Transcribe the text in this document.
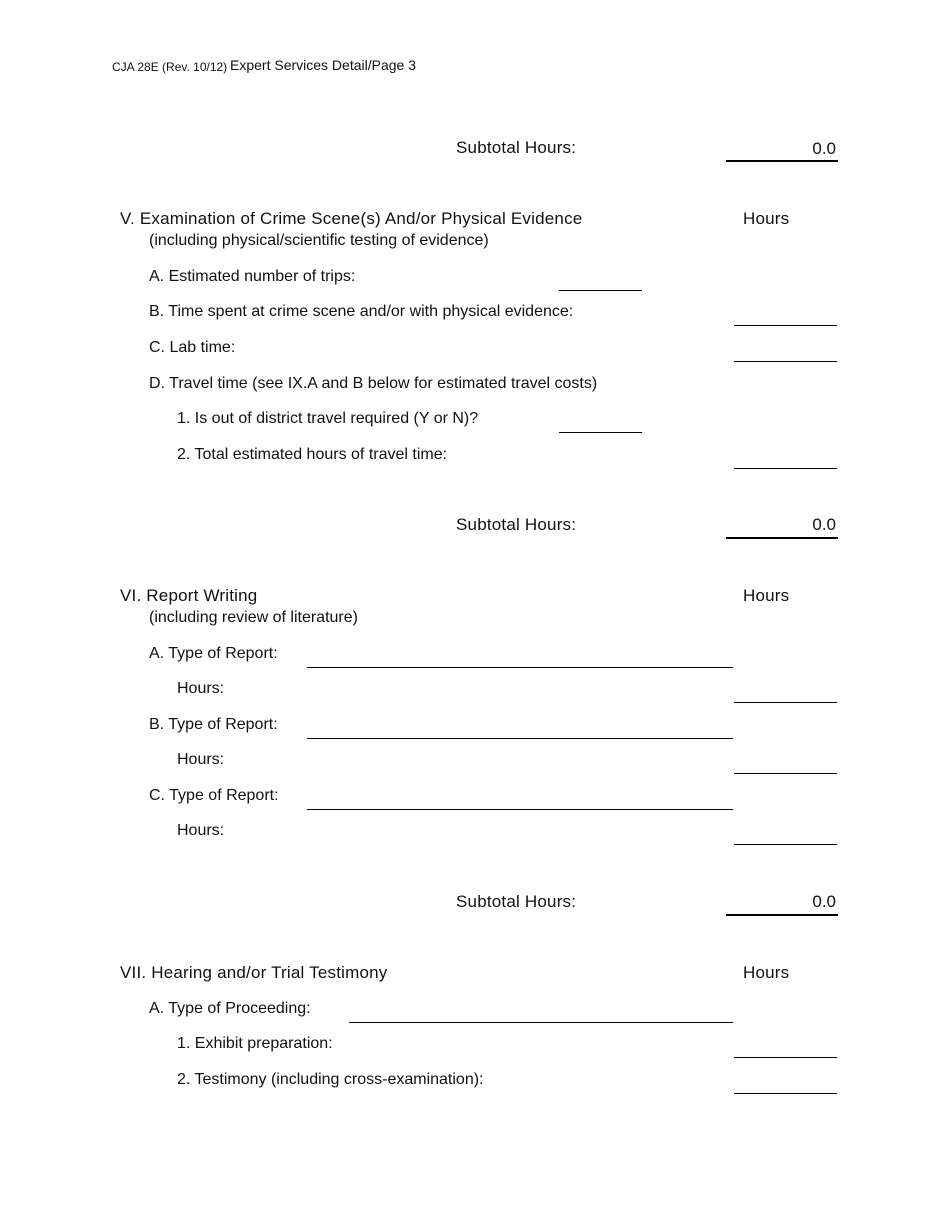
CJA 28E (Rev. 10/12) Expert Services Detail/Page 3
Subtotal Hours:	0.0
V. Examination of Crime Scene(s) And/or Physical Evidence	Hours
(including physical/scientific testing of evidence)
A. Estimated number of trips:
B. Time spent at crime scene and/or with physical evidence:
C. Lab time:
D. Travel time (see IX.A and B below for estimated travel costs)
1. Is out of district travel required (Y or N)?
2. Total estimated hours of travel time:
Subtotal Hours:	0.0
VI. Report Writing	Hours
(including review of literature)
A. Type of Report:
Hours:
B. Type of Report:
Hours:
C. Type of Report:
Hours:
Subtotal Hours:	0.0
VII. Hearing and/or Trial Testimony	Hours
A. Type of Proceeding:
1. Exhibit preparation:
2. Testimony (including cross-examination):
